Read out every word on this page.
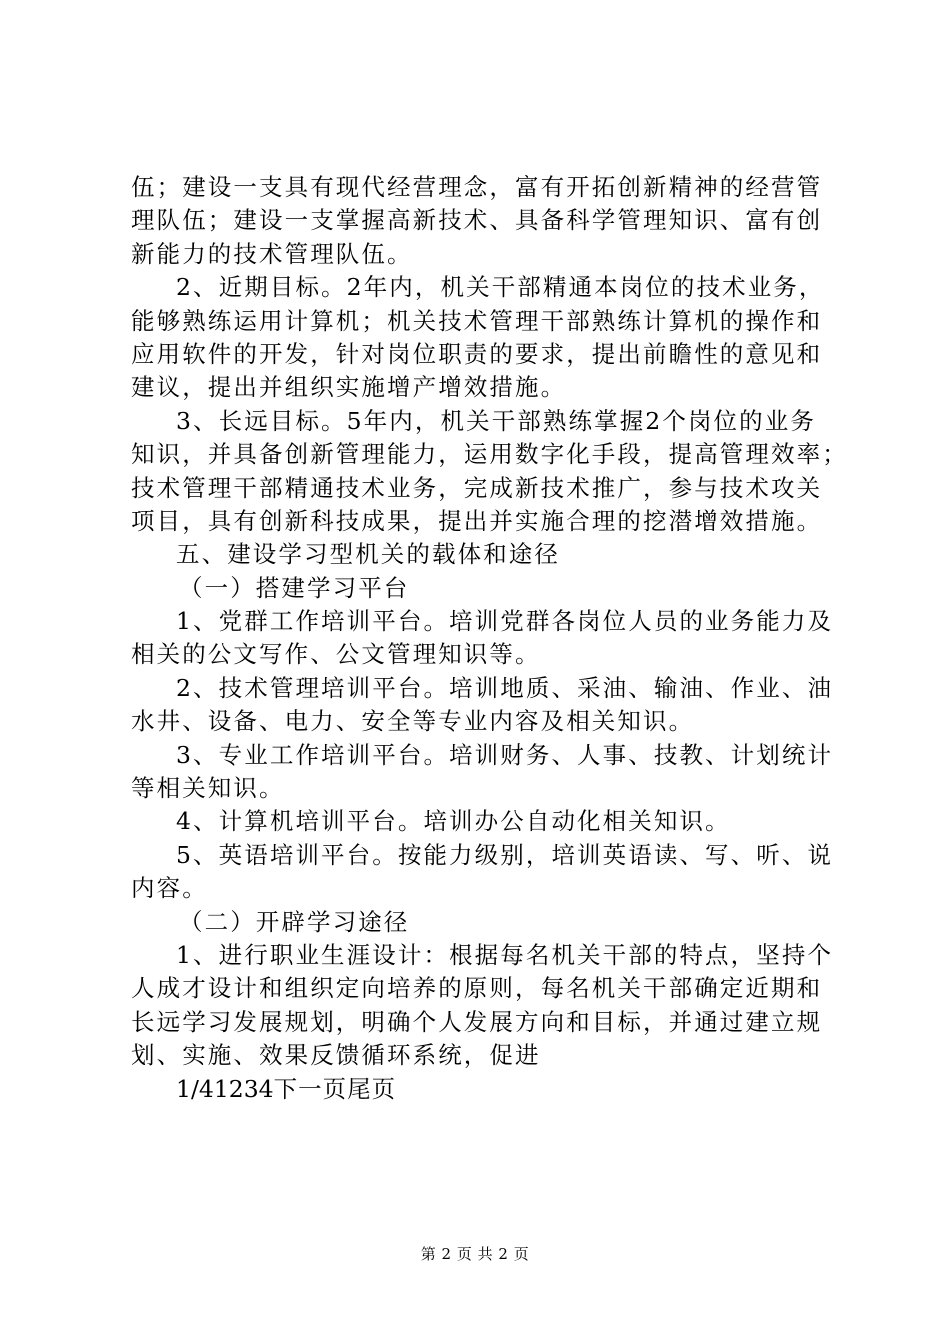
伍；建设一支具有现代经营理念，富有开拓创新精神的经营管
理队伍；建设一支掌握高新技术、具备科学管理知识、富有创
新能力的技术管理队伍。
2、近期目标。2年内，机关干部精通本岗位的技术业务，
能够熟练运用计算机；机关技术管理干部熟练计算机的操作和
应用软件的开发，针对岗位职责的要求，提出前瞻性的意见和
建议，提出并组织实施增产增效措施。
3、长远目标。5年内，机关干部熟练掌握2个岗位的业务
知识，并具备创新管理能力，运用数字化手段，提高管理效率；
技术管理干部精通技术业务，完成新技术推广，参与技术攻关
项目，具有创新科技成果，提出并实施合理的挖潜增效措施。
五、建设学习型机关的载体和途径
（一）搭建学习平台
1、党群工作培训平台。培训党群各岗位人员的业务能力及
相关的公文写作、公文管理知识等。
2、技术管理培训平台。培训地质、采油、输油、作业、油
水井、设备、电力、安全等专业内容及相关知识。
3、专业工作培训平台。培训财务、人事、技教、计划统计
等相关知识。
4、计算机培训平台。培训办公自动化相关知识。
5、英语培训平台。按能力级别，培训英语读、写、听、说
内容。
（二）开辟学习途径
1、进行职业生涯设计：根据每名机关干部的特点，坚持个
人成才设计和组织定向培养的原则，每名机关干部确定近期和
长远学习发展规划，明确个人发展方向和目标，并通过建立规
划、实施、效果反馈循环系统，促进
1/41234下一页尾页
第 2 页 共 2 页
